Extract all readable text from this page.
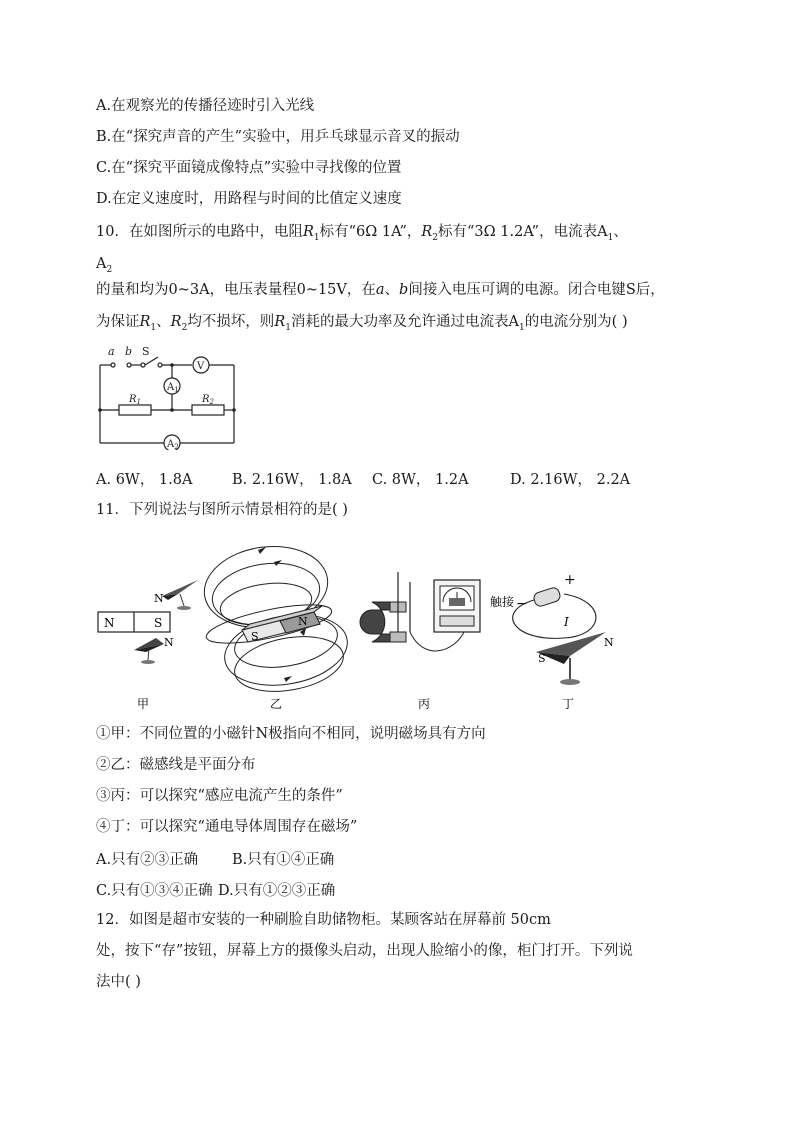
A.在观察光的传播径迹时引入光线
B.在“探究声音的产生”实验中，用乒乓球显示音叉的振动
C.在“探究平面镜成像特点”实验中寻找像的位置
D.在定义速度时，用路程与时间的比值定义速度
10．在如图所示的电路中，电阻$R_1$标有“6Ω 1A”，$R_2$标有“3Ω 1.2A”，电流表$A_1$、
$A_2$
的量和均为0~3A，电压表量程0~15V，在a、b间接入电压可调的电源。闭合电键S后，
为保证$R_1$、$R_2$均不损坏，则$R_1$消耗的最大功率及允许通过电流表$A_1$的电流分别为( )
a b S
V
$A_1$
$A_2$
$R_1$	$R_2$
A. 6W， 1.8A	B. 2.16W， 1.8A C. 8W， 1.2A	D. 2.16W， 2.2A
11．下列说法与图所示情景相符的是( )
N	S
N
N
甲
S
N
乙	丙
触接
+
−
I
N
S
丁
①甲：不同位置的小磁针N极指向不相同，说明磁场具有方向
②乙：磁感线是平面分布
③丙：可以探究“感应电流产生的条件”
④丁：可以探究“通电导体周围存在磁场”
A.只有②③正确 B.只有①④正确
C.只有①③④正确 D.只有①②③正确
12．如图是超市安装的一种刷脸自助储物柜。某顾客站在屏幕前 50cm
处，按下“存”按钮，屏幕上方的摄像头启动，出现人脸缩小的像，柜门打开。下列说
法中( )
